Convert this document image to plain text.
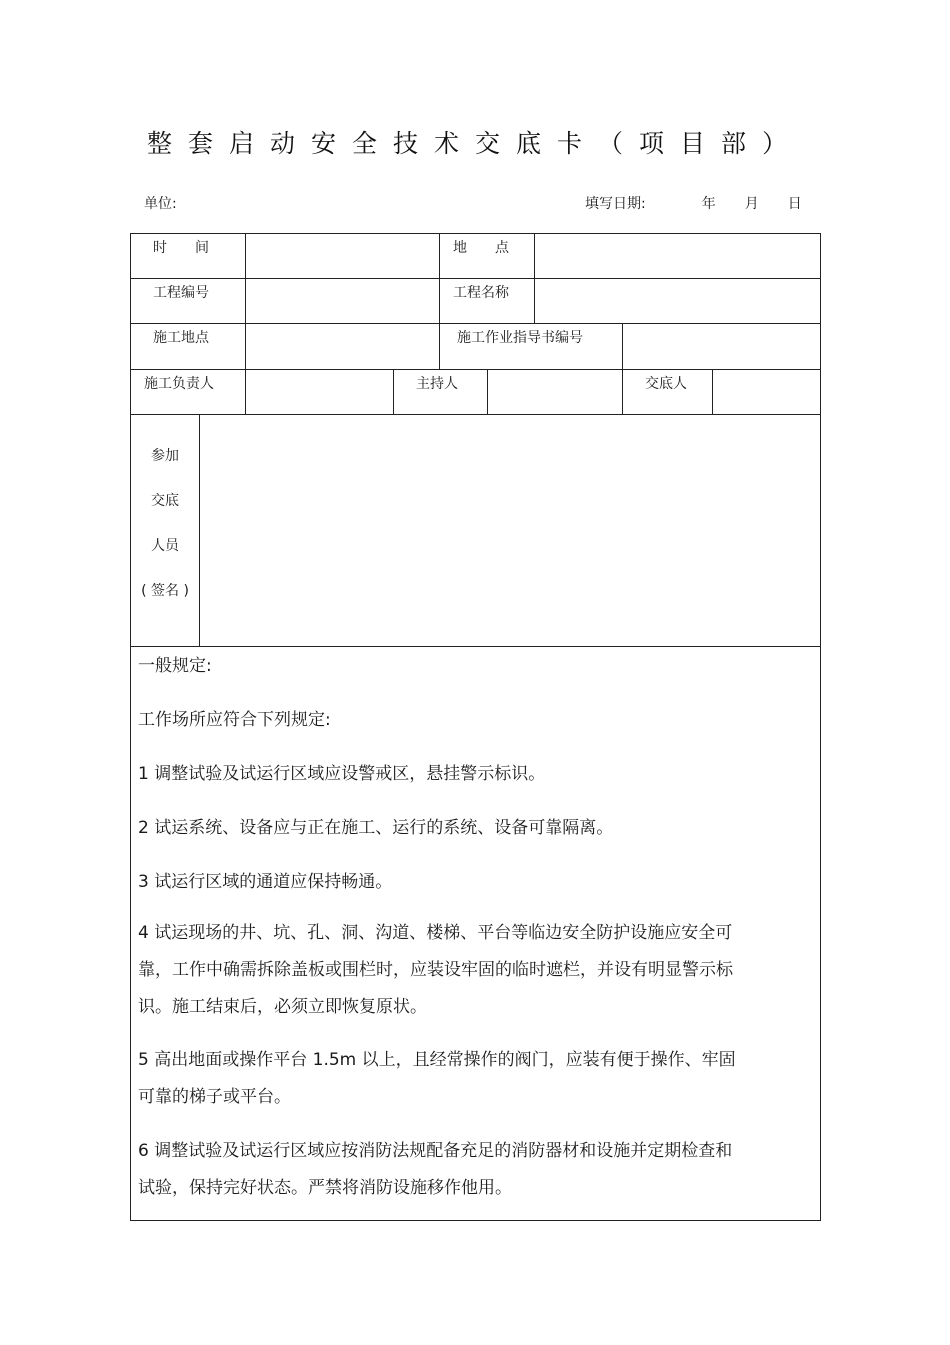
整套启动安全技术交底卡（项目部）
单位:	填写日期:	年 月 日
时　　间	地　　点
工程编号	工程名称
施工地点	施工作业指导书编号
施工负责人	主持人	交底人
参加
交底
人员
( 签名 )
一般规定:
工作场所应符合下列规定:
1 调整试验及试运行区域应设警戒区，悬挂警示标识。
2 试运系统、设备应与正在施工、运行的系统、设备可靠隔离。
3 试运行区域的通道应保持畅通。
4 试运现场的井、坑、孔、洞、沟道、楼梯、平台等临边安全防护设施应安全可
靠，工作中确需拆除盖板或围栏时，应装设牢固的临时遮栏，并设有明显警示标
识。施工结束后，必须立即恢复原状。
5 高出地面或操作平台 1.5m 以上，且经常操作的阀门，应装有便于操作、牢固
可靠的梯子或平台。
6 调整试验及试运行区域应按消防法规配备充足的消防器材和设施并定期检查和
试验，保持完好状态。严禁将消防设施移作他用。
